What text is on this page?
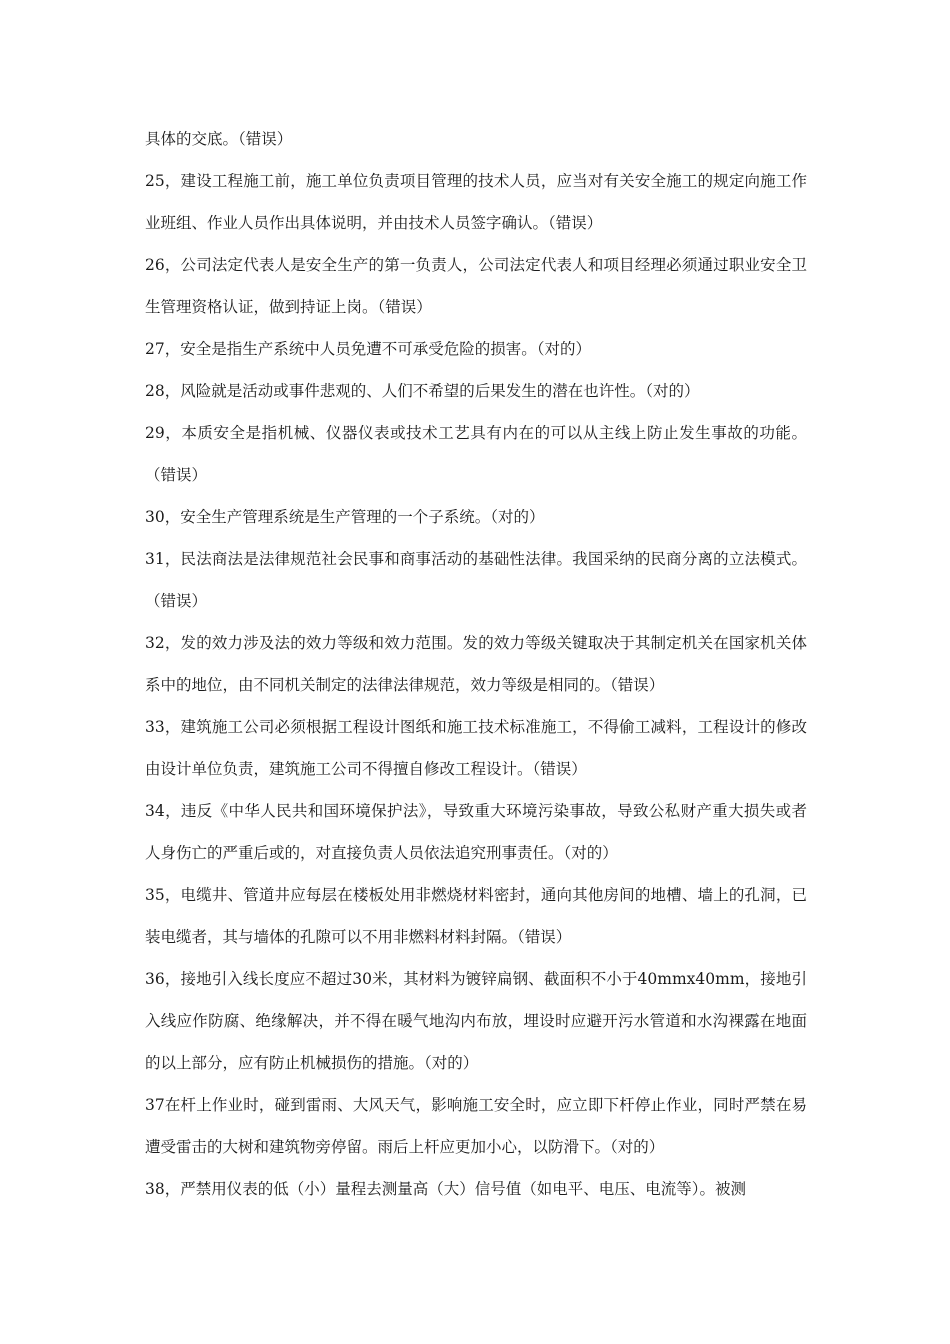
具体的交底。（错误）

25，建设工程施工前，施工单位负责项目管理的技术人员，应当对有关安全施工的规定向施工作业班组、作业人员作出具体说明，并由技术人员签字确认。（错误）

26，公司法定代表人是安全生产的第一负责人，公司法定代表人和项目经理必须通过职业安全卫生管理资格认证，做到持证上岗。（错误）

27，安全是指生产系统中人员免遭不可承受危险的损害。（对的）

28，风险就是活动或事件悲观的、人们不希望的后果发生的潜在也许性。（对的）

29，本质安全是指机械、仪器仪表或技术工艺具有内在的可以从主线上防止发生事故的功能。（错误）

30，安全生产管理系统是生产管理的一个子系统。（对的）

31，民法商法是法律规范社会民事和商事活动的基础性法律。我国采纳的民商分离的立法模式。（错误）

32，发的效力涉及法的效力等级和效力范围。发的效力等级关键取决于其制定机关在国家机关体系中的地位，由不同机关制定的法律法律规范，效力等级是相同的。（错误）

33，建筑施工公司必须根据工程设计图纸和施工技术标准施工，不得偷工减料，工程设计的修改由设计单位负责，建筑施工公司不得擅自修改工程设计。（错误）

34，违反《中华人民共和国环境保护法》，导致重大环境污染事故，导致公私财产重大损失或者人身伤亡的严重后或的，对直接负责人员依法追究刑事责任。（对的）

35，电缆井、管道井应每层在楼板处用非燃烧材料密封，通向其他房间的地槽、墙上的孔洞，已装电缆者，其与墙体的孔隙可以不用非燃料材料封隔。（错误）

36，接地引入线长度应不超过30米，其材料为镀锌扁钢、截面积不小于40mmx40mm，接地引入线应作防腐、绝缘解决，并不得在暖气地沟内布放，埋设时应避开污水管道和水沟裸露在地面的以上部分，应有防止机械损伤的措施。（对的）

37在杆上作业时，碰到雷雨、大风天气，影响施工安全时，应立即下杆停止作业，同时严禁在易遭受雷击的大树和建筑物旁停留。雨后上杆应更加小心，以防滑下。（对的）

38，严禁用仪表的低（小）量程去测量高（大）信号值（如电平、电压、电流等）。被测
